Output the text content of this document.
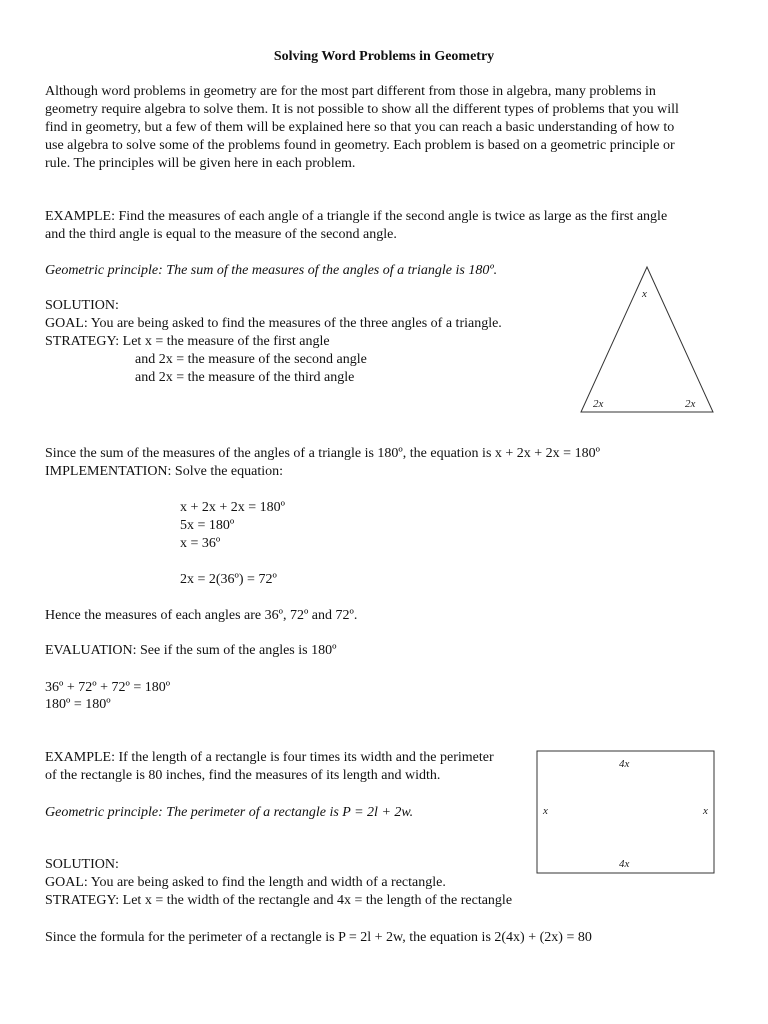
Solving Word Problems in Geometry
Although word problems in geometry are for the most part different from those in algebra, many problems in
geometry require algebra to solve them. It is not possible to show all the different types of problems that you will
find in geometry, but a few of them will be explained here so that you can reach a basic understanding of how to
use algebra to solve some of the problems found in geometry. Each problem is based on a geometric principle or
rule. The principles will be given here in each problem.
EXAMPLE: Find the measures of each angle of a triangle if the second angle is twice as large as the first angle
and the third angle is equal to the measure of the second angle.
Geometric principle: The sum of the measures of the angles of a triangle is 180º.
SOLUTION:
GOAL: You are being asked to find the measures of the three angles of a triangle.
STRATEGY: Let x = the measure of the first angle
and 2x = the measure of the second angle
and 2x = the measure of the third angle
x
2x	2x
Since the sum of the measures of the angles of a triangle is 180º, the equation is x + 2x + 2x = 180º
IMPLEMENTATION: Solve the equation:
x + 2x + 2x = 180º
5x = 180º
x = 36º
2x = 2(36º) = 72º
Hence the measures of each angles are 36º, 72º and 72º.
EVALUATION: See if the sum of the angles is 180º
36º + 72º + 72º = 180º
180º = 180º
EXAMPLE: If the length of a rectangle is four times its width and the perimeter
of the rectangle is 80 inches, find the measures of its length and width.
Geometric principle: The perimeter of a rectangle is P = 2l + 2w.
4x
4x
x	x
SOLUTION:
GOAL: You are being asked to find the length and width of a rectangle.
STRATEGY: Let x = the width of the rectangle and 4x = the length of the rectangle
Since the formula for the perimeter of a rectangle is P = 2l + 2w, the equation is 2(4x) + (2x) = 80
